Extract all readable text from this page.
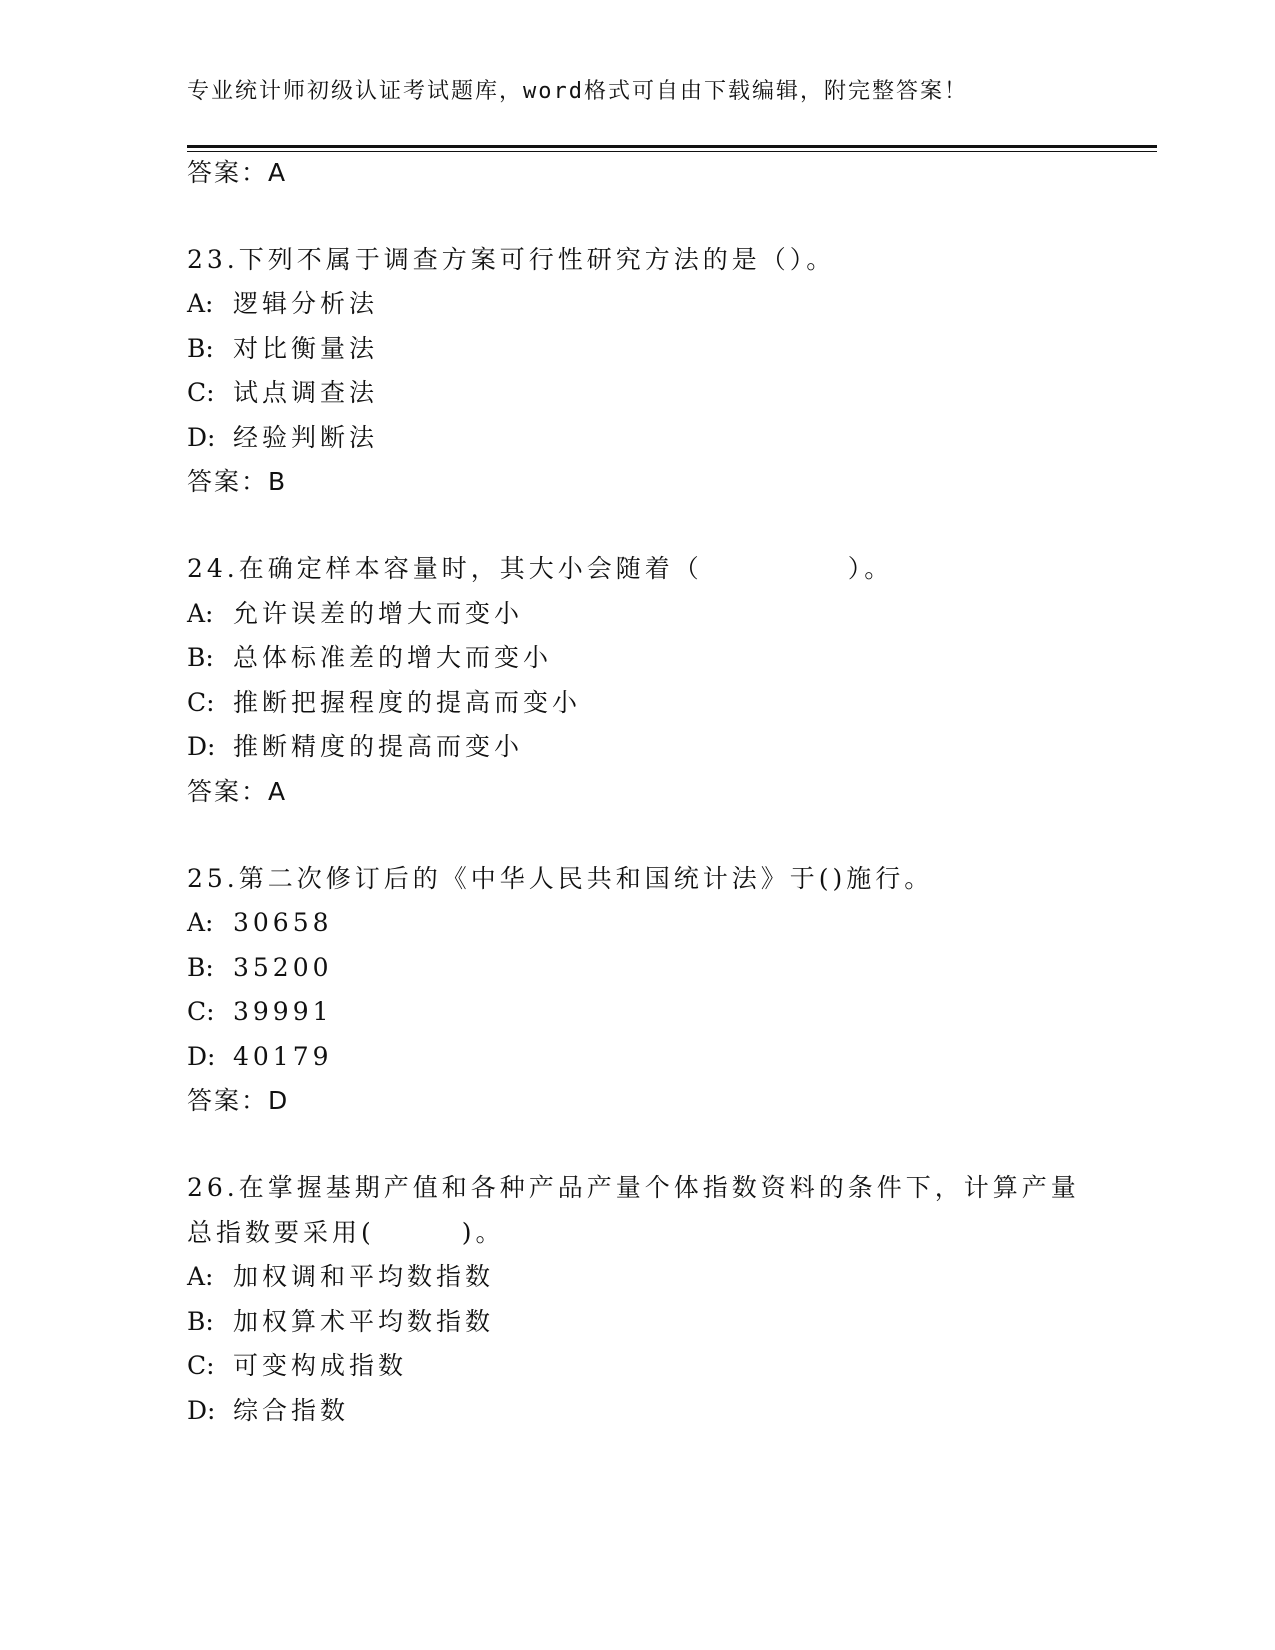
专业统计师初级认证考试题库，word格式可自由下载编辑，附完整答案！
答案：A
23.下列不属于调查方案可行性研究方法的是（）。
A: 逻辑分析法
B: 对比衡量法
C: 试点调查法
D: 经验判断法
答案：B
24.在确定样本容量时，其大小会随着（　　　　　）。
A: 允许误差的增大而变小
B: 总体标准差的增大而变小
C: 推断把握程度的提高而变小
D: 推断精度的提高而变小
答案：A
25.第二次修订后的《中华人民共和国统计法》于()施行。
A: 30658
B: 35200
C: 39991
D: 40179
答案：D
26.在掌握基期产值和各种产品产量个体指数资料的条件下，计算产量
总指数要采用(　　　)。
A: 加权调和平均数指数
B: 加权算术平均数指数
C: 可变构成指数
D: 综合指数
